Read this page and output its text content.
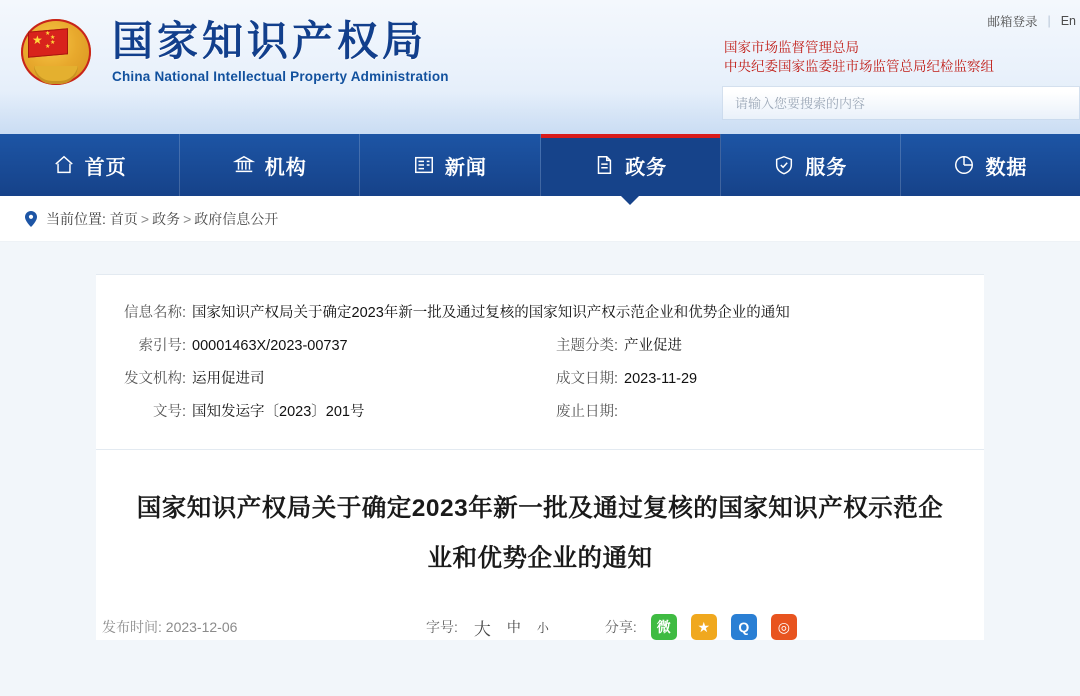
★ ★
★
★
★ 国家知识产权局
China National Intellectual Property Administration
邮箱登录 | En
国家市场监督管理总局
中央纪委国家监委驻市场监管总局纪检监察组
请输入您要搜索的内容
首页	机构	新闻	政务	服务	数据
当前位置: 首页 > 政务 > 政府信息公开
信息名称: 国家知识产权局关于确定2023年新一批及通过复核的国家知识产权示范企业和优势企业的通知
索引号: 00001463X/2023-00737	主题分类: 产业促进
发文机构: 运用促进司	成文日期: 2023-11-29
文号: 国知发运字〔2023〕201号	废止日期:
国家知识产权局关于确定2023年新一批及通过复核的国家知识产权示范企业和优势企业的通知
发布时间: 2023-12-06	字号: 大 中 小	分享:	微	★	Q	◎
